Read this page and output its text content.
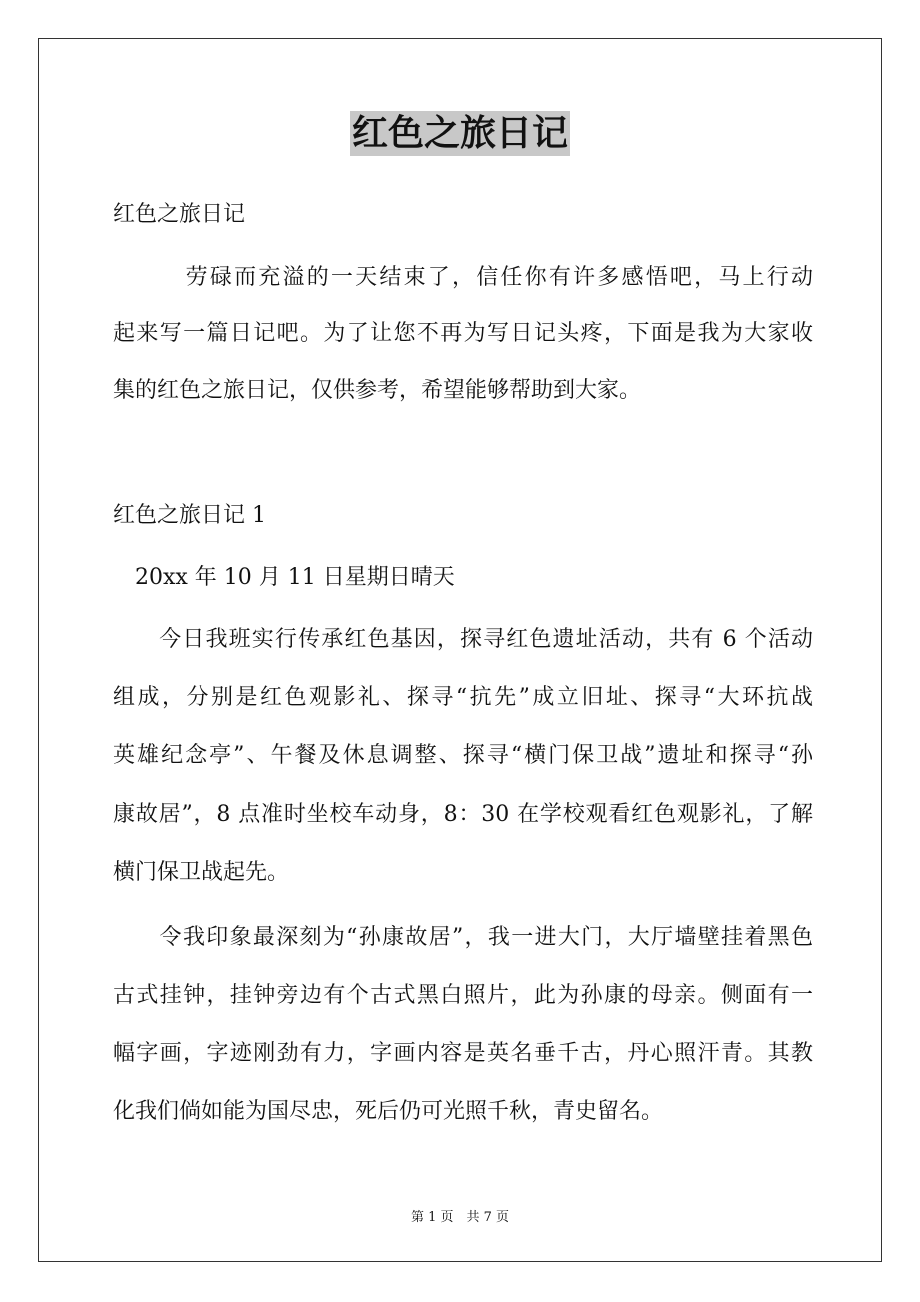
红色之旅日记
红色之旅日记
　　　劳碌而充溢的一天结束了，信任你有许多感悟吧，马上行动
起来写一篇日记吧。为了让您不再为写日记头疼，下面是我为大家收
集的红色之旅日记，仅供参考，希望能够帮助到大家。
红色之旅日记 1
　20xx 年 10 月 11 日星期日晴天
　　今日我班实行传承红色基因，探寻红色遗址活动，共有 6 个活动
组成，分别是红色观影礼、探寻“抗先”成立旧址、探寻“大环抗战
英雄纪念亭”、午餐及休息调整、探寻“横门保卫战”遗址和探寻“孙
康故居”，8 点准时坐校车动身，8：30 在学校观看红色观影礼，了解
横门保卫战起先。
　　令我印象最深刻为“孙康故居”，我一进大门，大厅墙壁挂着黑色
古式挂钟，挂钟旁边有个古式黑白照片，此为孙康的母亲。侧面有一
幅字画，字迹刚劲有力，字画内容是英名垂千古，丹心照汗青。其教
化我们倘如能为国尽忠，死后仍可光照千秋，青史留名。
第 1 页　共 7 页
